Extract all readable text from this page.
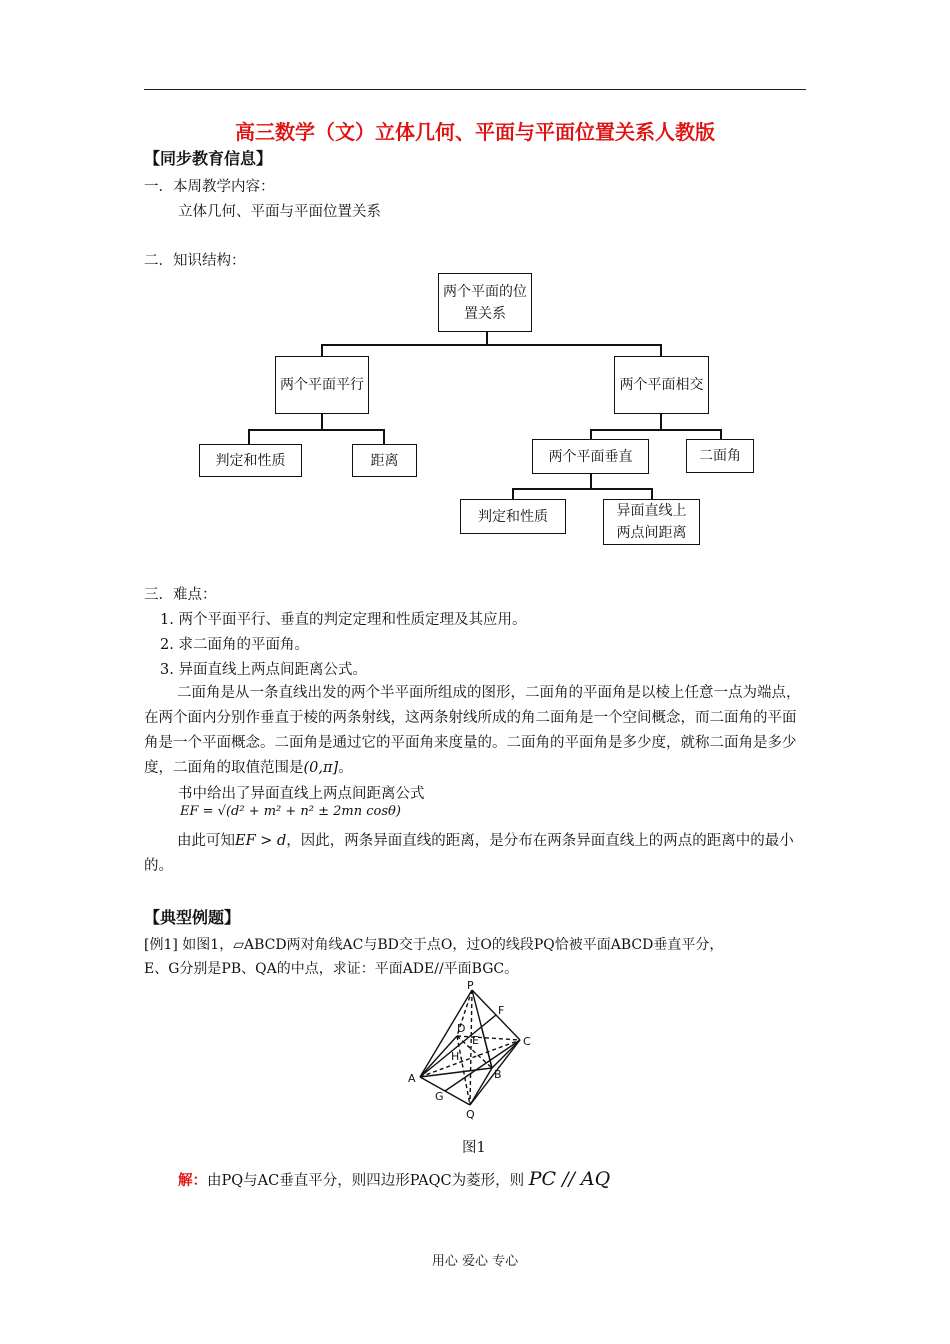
高三数学（文）立体几何、平面与平面位置关系人教版
【同步教育信息】
一．本周教学内容：
立体几何、平面与平面位置关系
二．知识结构：
两个平面的位置关系
两个平面平行	两个平面相交
判定和性质	距离	两个平面垂直	二面角
判定和性质	异面直线上两点间距离
三．难点：
1. 两个平面平行、垂直的判定定理和性质定理及其应用。
2. 求二面角的平面角。
3. 异面直线上两点间距离公式。
二面角是从一条直线出发的两个半平面所组成的图形，二面角的平面角是以棱上任意一点为端点，在两个面内分别作垂直于棱的两条射线，这两条射线所成的角二面角是一个空间概念，而二面角的平面角是一个平面概念。二面角是通过它的平面角来度量的。二面角的平面角是多少度，就称二面角是多少度，二面角的取值范围是(0,π]。
书中给出了异面直线上两点间距离公式
EF = √(d² + m² + n² ± 2mn cosθ)
由此可知EF > d，因此，两条异面直线的距离，是分布在两条异面直线上的两点的距离中的最小的。
【典型例题】
[例1] 如图1，▱ABCD两对角线AC与BD交于点O，过O的线段PQ恰被平面ABCD垂直平分，
E、G分别是PB、QA的中点，求证：平面ADE//平面BGC。
P
F
C
D
A	B
G
Q
H
E
图1
解：由PQ与AC垂直平分，则四边形PAQC为菱形，则 PC // AQ
用心 爱心 专心
